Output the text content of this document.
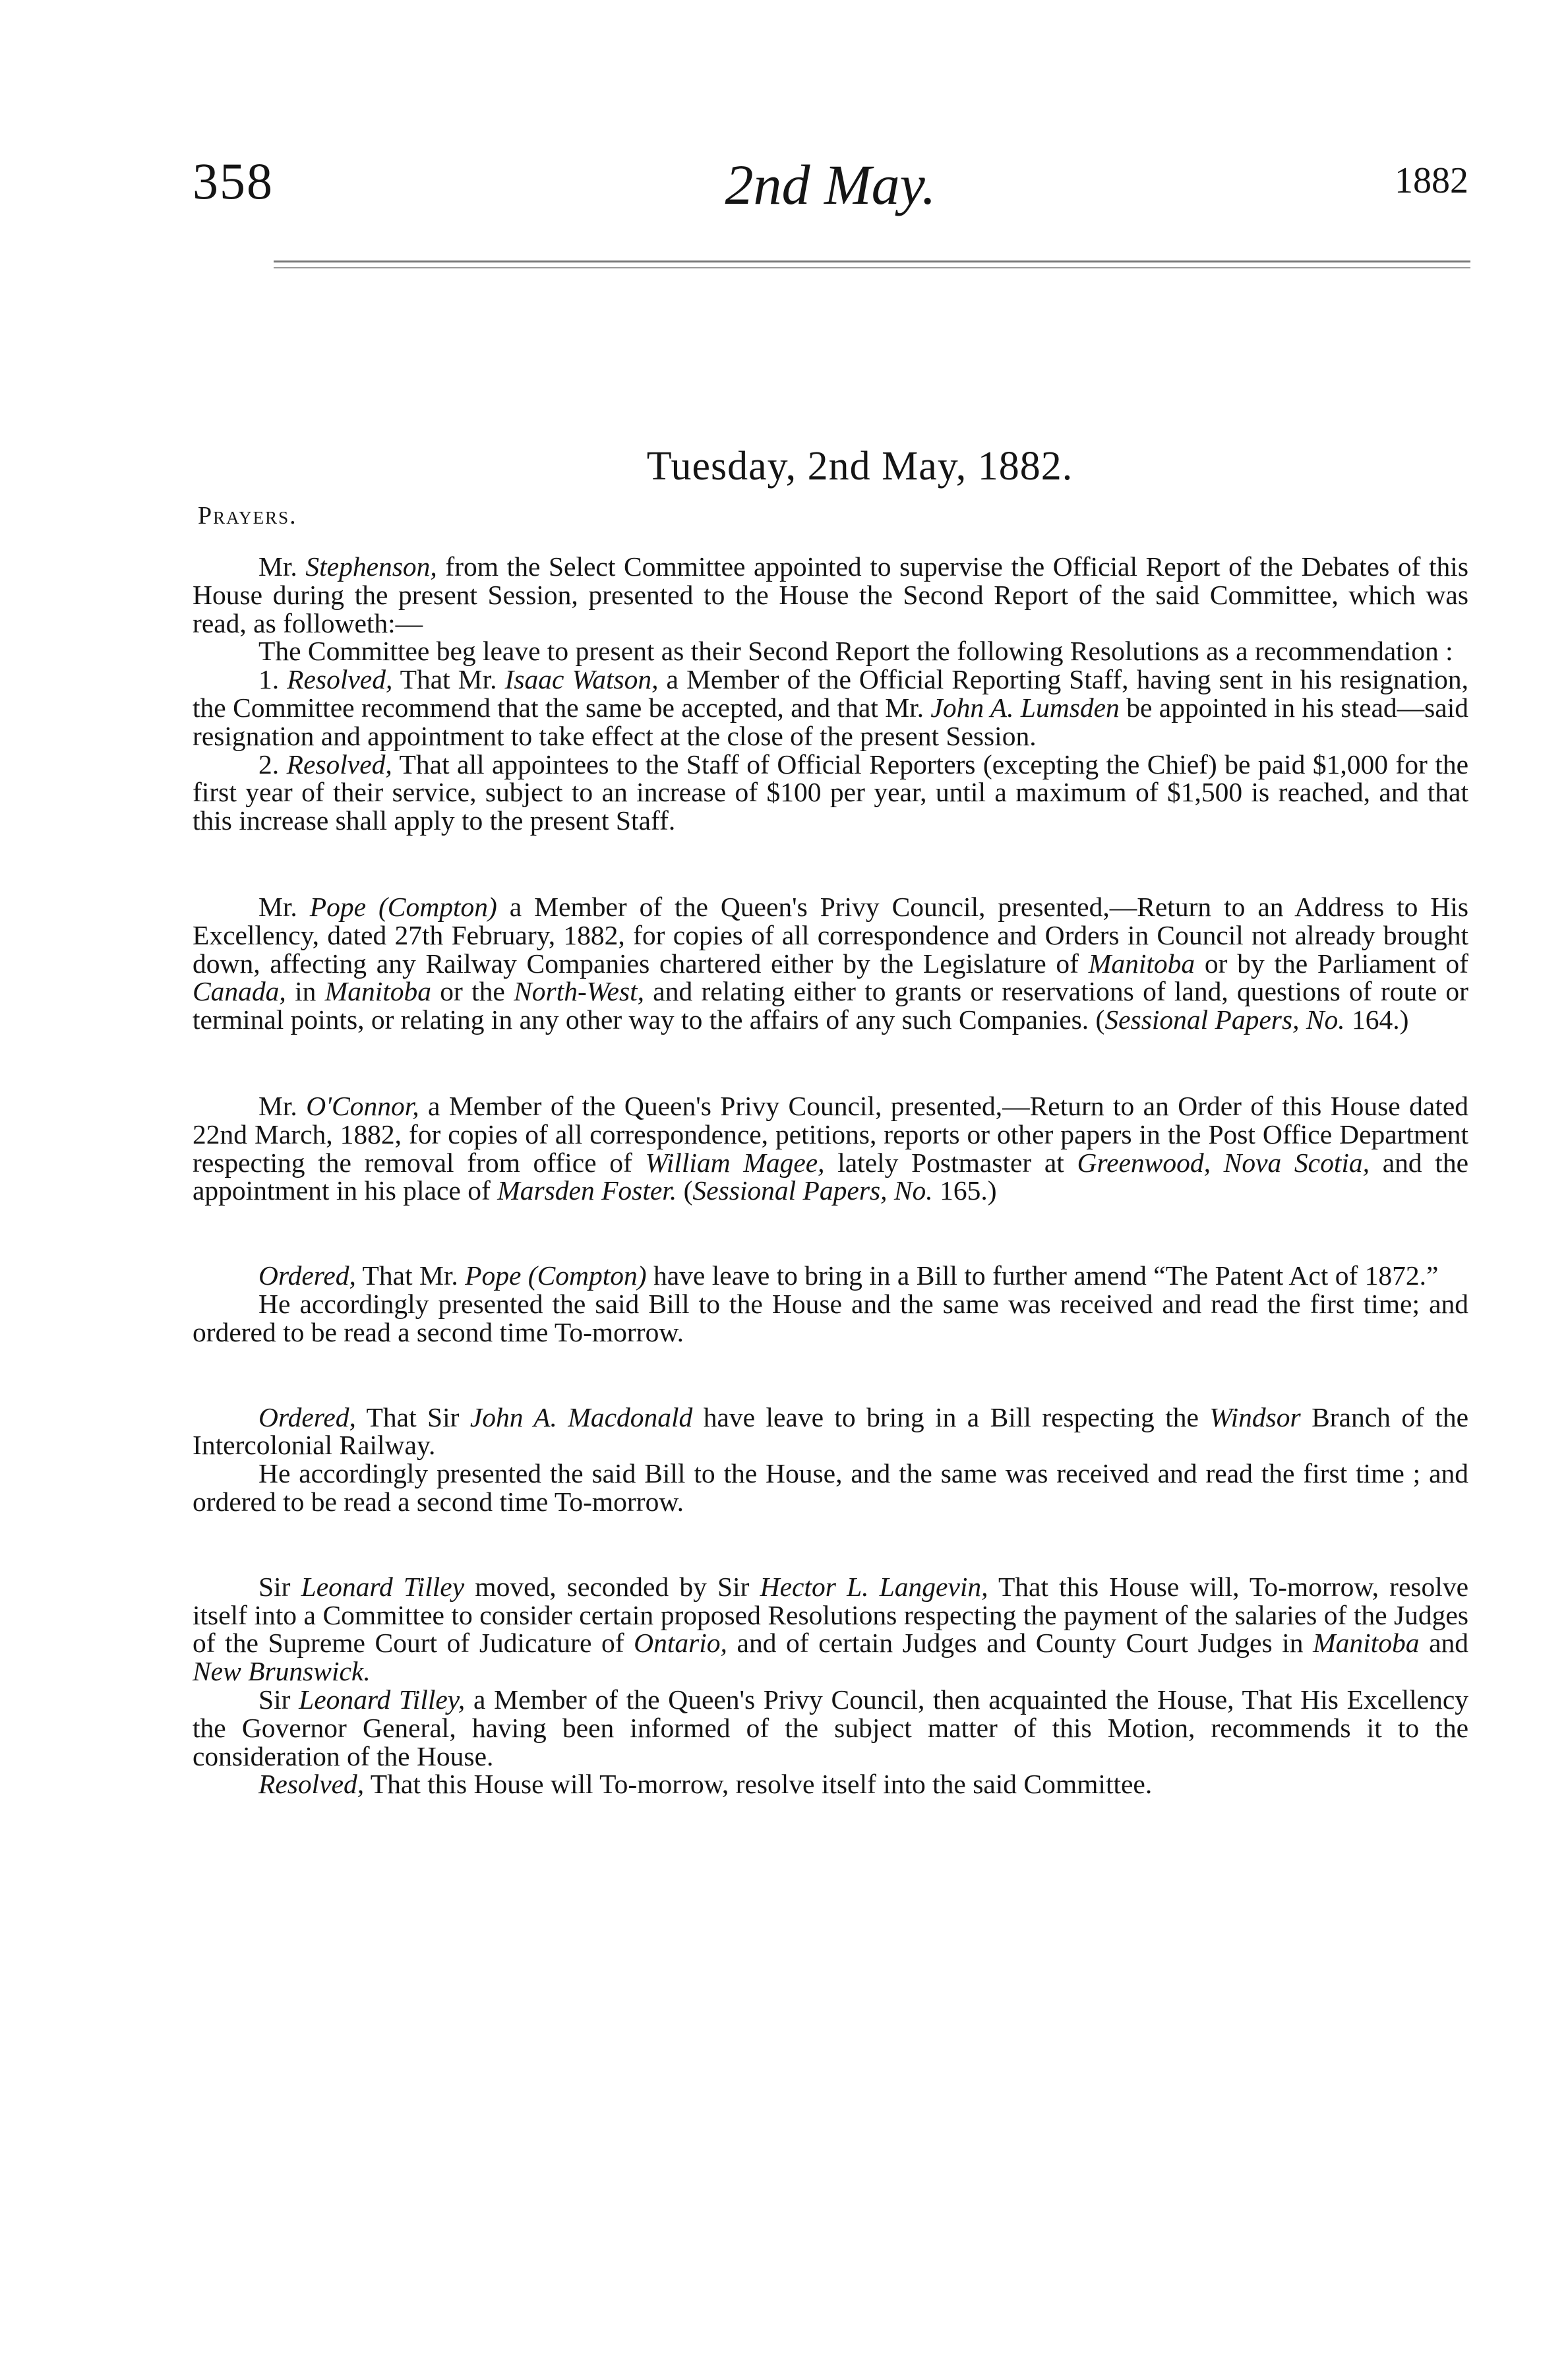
358	2nd May.	1882
Tuesday, 2nd May, 1882.
Prayers.

Mr. Stephenson, from the Select Committee appointed to supervise the Official Report of the Debates of this House during the present Session, presented to the House the Second Report of the said Committee, which was read, as followeth:—

The Committee beg leave to present as their Second Report the following Resolutions as a recommendation :

1. Resolved, That Mr. Isaac Watson, a Member of the Official Reporting Staff, having sent in his resignation, the Committee recommend that the same be accepted, and that Mr. John A. Lumsden be appointed in his stead—said resignation and appointment to take effect at the close of the present Session.

2. Resolved, That all appointees to the Staff of Official Reporters (excepting the Chief) be paid $1,000 for the first year of their service, subject to an increase of $100 per year, until a maximum of $1,500 is reached, and that this increase shall apply to the present Staff.

Mr. Pope (Compton) a Member of the Queen's Privy Council, presented,—Return to an Address to His Excellency, dated 27th February, 1882, for copies of all correspondence and Orders in Council not already brought down, affecting any Railway Companies chartered either by the Legislature of Manitoba or by the Parliament of Canada, in Manitoba or the North-West, and relating either to grants or reservations of land, questions of route or terminal points, or relating in any other way to the affairs of any such Companies. (Sessional Papers, No. 164.)

Mr. O'Connor, a Member of the Queen's Privy Council, presented,—Return to an Order of this House dated 22nd March, 1882, for copies of all correspondence, petitions, reports or other papers in the Post Office Department respecting the removal from office of William Magee, lately Postmaster at Greenwood, Nova Scotia, and the appointment in his place of Marsden Foster. (Sessional Papers, No. 165.)

Ordered, That Mr. Pope (Compton) have leave to bring in a Bill to further amend “The Patent Act of 1872.”

He accordingly presented the said Bill to the House and the same was received and read the first time; and ordered to be read a second time To-morrow.

Ordered, That Sir John A. Macdonald have leave to bring in a Bill respecting the Windsor Branch of the Intercolonial Railway.

He accordingly presented the said Bill to the House, and the same was received and read the first time ; and ordered to be read a second time To-morrow.

Sir Leonard Tilley moved, seconded by Sir Hector L. Langevin, That this House will, To-morrow, resolve itself into a Committee to consider certain proposed Resolutions respecting the payment of the salaries of the Judges of the Supreme Court of Judicature of Ontario, and of certain Judges and County Court Judges in Manitoba and New Brunswick.

Sir Leonard Tilley, a Member of the Queen's Privy Council, then acquainted the House, That His Excellency the Governor General, having been informed of the subject matter of this Motion, recommends it to the consideration of the House.

Resolved, That this House will To-morrow, resolve itself into the said Committee.
